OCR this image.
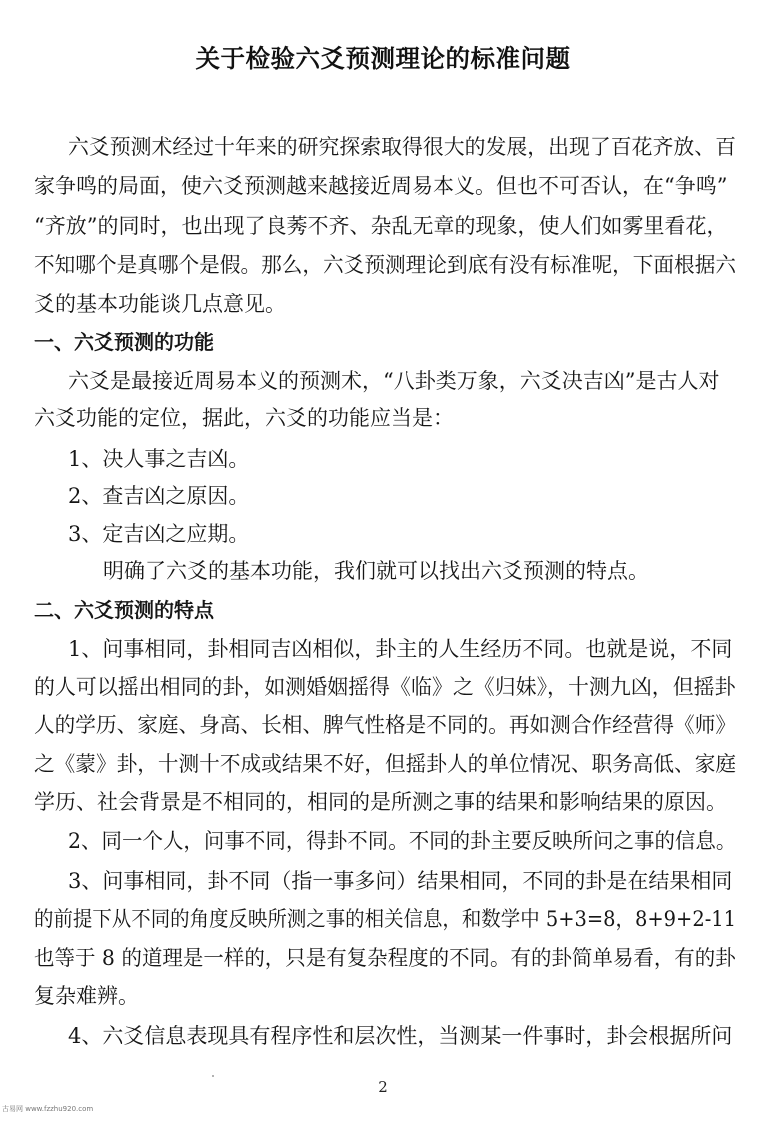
关于检验六爻预测理论的标准问题
六爻预测术经过十年来的研究探索取得很大的发展，出现了百花齐放、百
家争鸣的局面，使六爻预测越来越接近周易本义。但也不可否认，在“争鸣”
“齐放”的同时，也出现了良莠不齐、杂乱无章的现象，使人们如雾里看花，
不知哪个是真哪个是假。那么，六爻预测理论到底有没有标准呢，下面根据六
爻的基本功能谈几点意见。
一、六爻预测的功能
六爻是最接近周易本义的预测术，“八卦类万象，六爻决吉凶”是古人对
六爻功能的定位，据此，六爻的功能应当是：
1、决人事之吉凶。
2、查吉凶之原因。
3、定吉凶之应期。
明确了六爻的基本功能，我们就可以找出六爻预测的特点。
二、六爻预测的特点
1、问事相同，卦相同吉凶相似，卦主的人生经历不同。也就是说，不同
的人可以摇出相同的卦，如测婚姻摇得《临》之《归妹》，十测九凶，但摇卦
人的学历、家庭、身高、长相、脾气性格是不同的。再如测合作经营得《师》
之《蒙》卦，十测十不成或结果不好，但摇卦人的单位情况、职务高低、家庭
学历、社会背景是不相同的，相同的是所测之事的结果和影响结果的原因。
2、同一个人，问事不同，得卦不同。不同的卦主要反映所问之事的信息。
3、问事相同，卦不同（指一事多问）结果相同，不同的卦是在结果相同
的前提下从不同的角度反映所测之事的相关信息，和数学中 5+3=8，8+9+2-11
也等于 8 的道理是一样的，只是有复杂程度的不同。有的卦简单易看，有的卦
复杂难辨。
4、六爻信息表现具有程序性和层次性，当测某一件事时，卦会根据所问
2
古易网 www.fzzhu920.com
